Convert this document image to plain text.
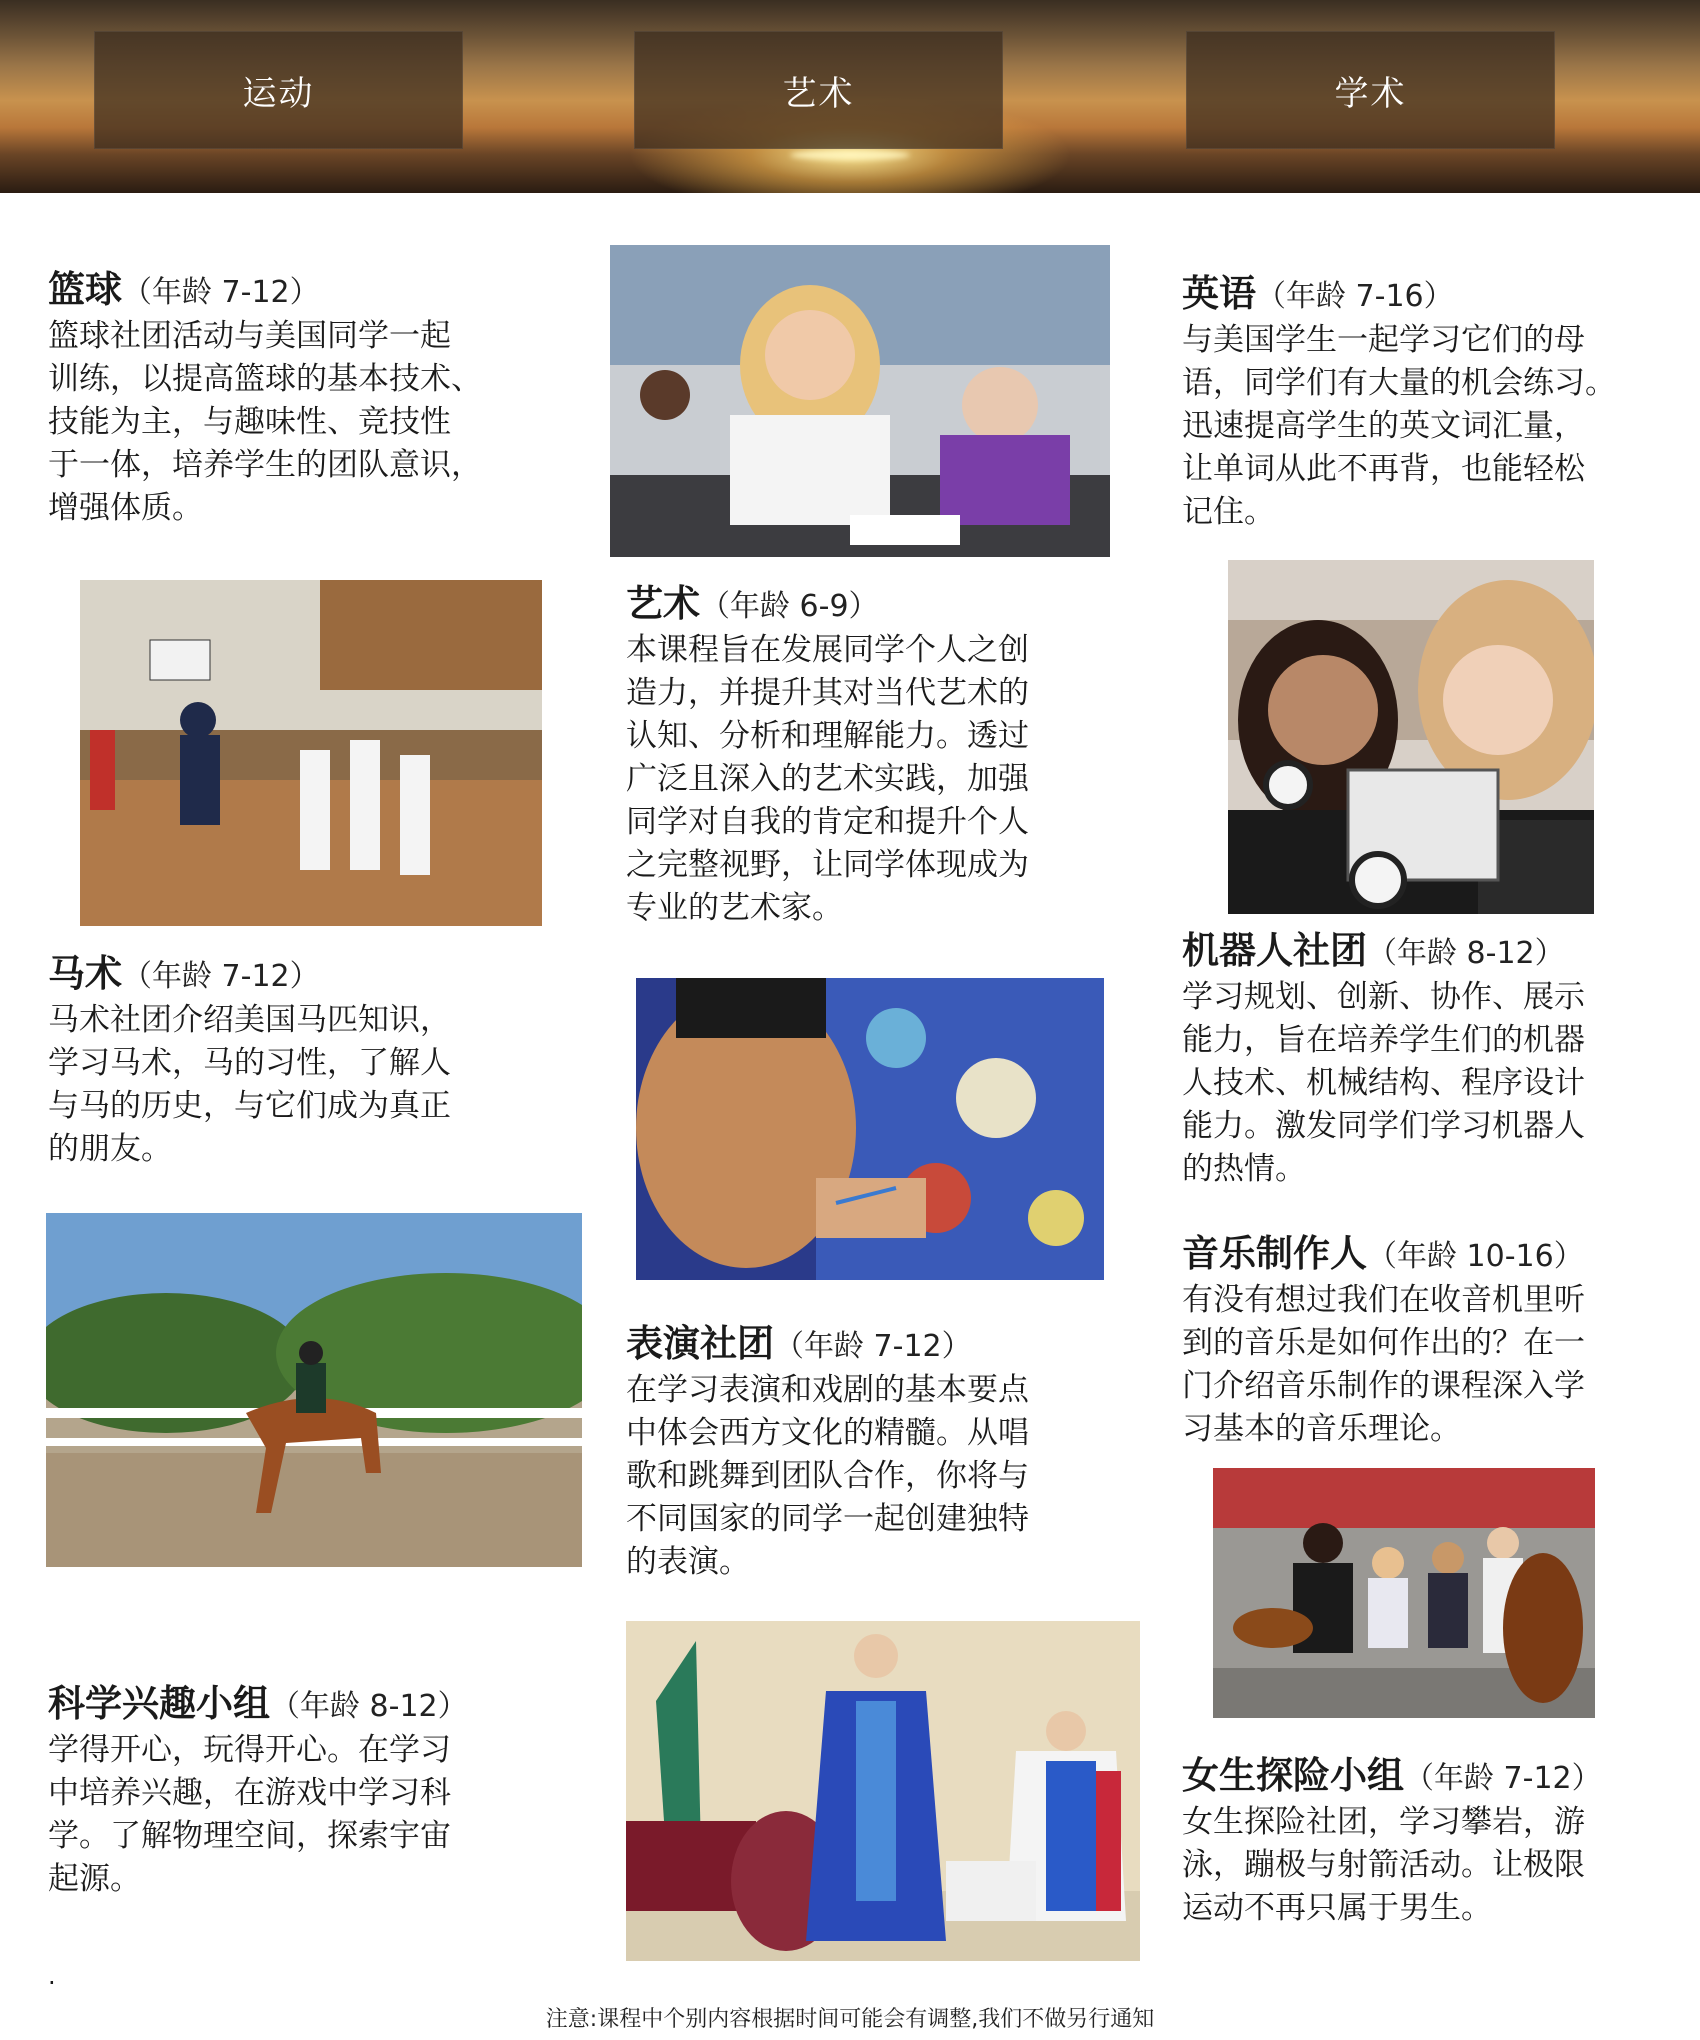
运动	艺术	学术
篮球（年龄 7-12）
篮球社团活动与美国同学一起
训练，以提高篮球的基本技术、
技能为主，与趣味性、竞技性
于一体，培养学生的团队意识，
增强体质。
马术（年龄 7-12）
马术社团介绍美国马匹知识，
学习马术，马的习性，了解人
与马的历史，与它们成为真正
的朋友。
科学兴趣小组（年龄 8-12）
学得开心，玩得开心。在学习
中培养兴趣，在游戏中学习科
学。了解物理空间，探索宇宙
起源。
.
艺术（年龄 6-9）
本课程旨在发展同学个人之创
造力，并提升其对当代艺术的
认知、分析和理解能力。透过
广泛且深入的艺术实践，加强
同学对自我的肯定和提升个人
之完整视野，让同学体现成为
专业的艺术家。
表演社团（年龄 7-12）
在学习表演和戏剧的基本要点
中体会西方文化的精髓。从唱
歌和跳舞到团队合作，你将与
不同国家的同学一起创建独特
的表演。
英语（年龄 7-16）
与美国学生一起学习它们的母
语，同学们有大量的机会练习。
迅速提高学生的英文词汇量，
让单词从此不再背，也能轻松
记住。
机器人社团（年龄 8-12）
学习规划、创新、协作、展示
能力，旨在培养学生们的机器
人技术、机械结构、程序设计
能力。激发同学们学习机器人
的热情。
音乐制作人（年龄 10-16）
有没有想过我们在收音机里听
到的音乐是如何作出的？在一
门介绍音乐制作的课程深入学
习基本的音乐理论。
女生探险小组（年龄 7-12）
女生探险社团，学习攀岩，游
泳，蹦极与射箭活动。让极限
运动不再只属于男生。
注意:课程中个别内容根据时间可能会有调整,我们不做另行通知
